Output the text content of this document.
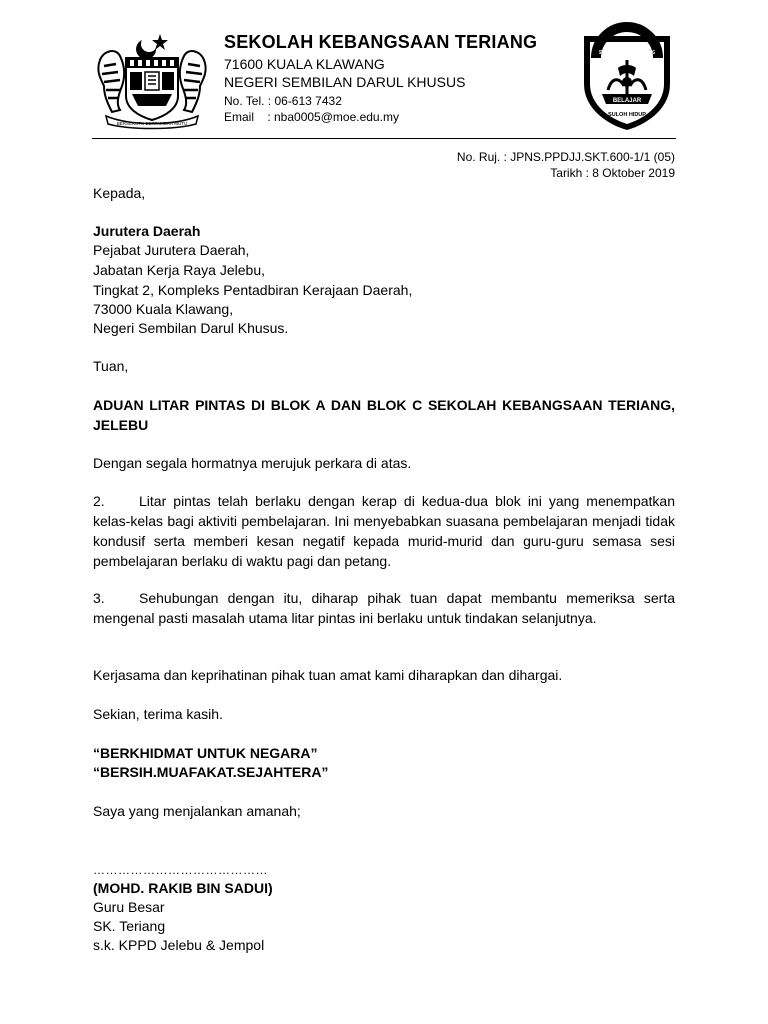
BERSEKUTU BERTAMBAH MUTU
SEKOLAH KEBANGSAAN TERIANG
71600 KUALA KLAWANG
NEGERI SEMBILAN DARUL KHUSUS
No. Tel. : 06-613 7432
Email    : nba0005@moe.edu.my
SEKOLAH KEBANGSAAN TERIANG
BELAJAR
SULOH HIDUP
No. Ruj. : JPNS.PPDJJ.SKT.600-1/1 (05)
Tarikh : 8 Oktober 2019
Kepada,
Jurutera Daerah
Pejabat Jurutera Daerah,
Jabatan Kerja Raya Jelebu,
Tingkat 2, Kompleks Pentadbiran Kerajaan Daerah,
73000 Kuala Klawang,
Negeri Sembilan Darul Khusus.
Tuan,
ADUAN LITAR PINTAS DI BLOK A DAN BLOK C SEKOLAH KEBANGSAAN TERIANG, JELEBU
Dengan segala hormatnya merujuk perkara di atas.
2. Litar pintas telah berlaku dengan kerap di kedua-dua blok ini yang menempatkan kelas-kelas bagi aktiviti pembelajaran. Ini menyebabkan suasana pembelajaran menjadi tidak kondusif serta memberi kesan negatif kepada murid-murid dan guru-guru semasa sesi pembelajaran berlaku di waktu pagi dan petang.
3. Sehubungan dengan itu, diharap pihak tuan dapat membantu memeriksa serta mengenal pasti masalah utama litar pintas ini berlaku untuk tindakan selanjutnya.
Kerjasama dan keprihatinan pihak tuan amat kami diharapkan dan dihargai.
Sekian, terima kasih.
“BERKHIDMAT UNTUK NEGARA”
“BERSIH.MUAFAKAT.SEJAHTERA”
Saya yang menjalankan amanah;
……………………………………
(MOHD. RAKIB BIN SADUI)
Guru Besar
SK. Teriang
s.k. KPPD Jelebu & Jempol
